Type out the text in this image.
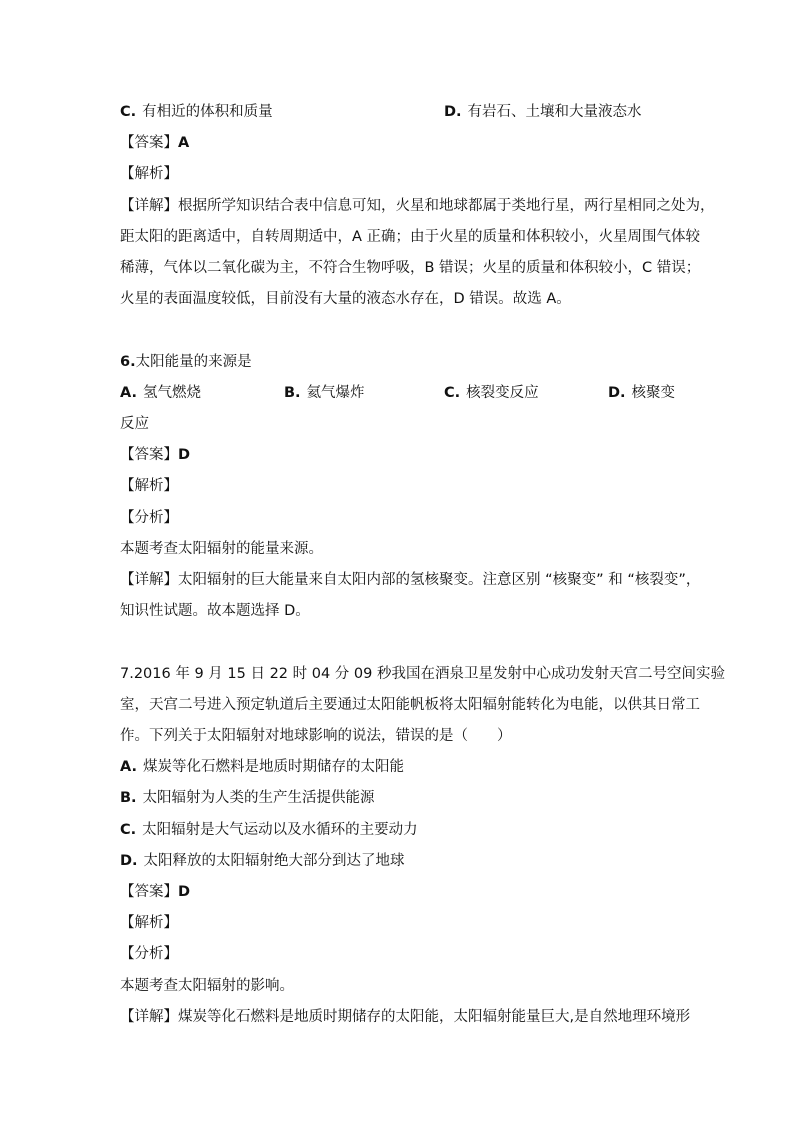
C. 有相近的体积和质量	D. 有岩石、土壤和大量液态水
【答案】A
【解析】
【详解】根据所学知识结合表中信息可知，火星和地球都属于类地行星，两行星相同之处为，
距太阳的距离适中，自转周期适中，A 正确；由于火星的质量和体积较小，火星周围气体较
稀薄，气体以二氧化碳为主，不符合生物呼吸，B 错误；火星的质量和体积较小，C 错误；
火星的表面温度较低，目前没有大量的液态水存在，D 错误。故选 A。
6.太阳能量的来源是
A. 氢气燃烧	B. 氦气爆炸	C. 核裂变反应	D. 核聚变
反应
【答案】D
【解析】
【分析】
本题考查太阳辐射的能量来源。
【详解】太阳辐射的巨大能量来自太阳内部的氢核聚变。注意区别 “核聚变” 和 “核裂变”，
知识性试题。故本题选择 D。
7.2016 年 9 月 15 日 22 时 04 分 09 秒我国在酒泉卫星发射中心成功发射天宫二号空间实验
室，天宫二号进入预定轨道后主要通过太阳能帆板将太阳辐射能转化为电能，以供其日常工
作。下列关于太阳辐射对地球影响的说法，错误的是（　　）
A. 煤炭等化石燃料是地质时期储存的太阳能
B. 太阳辐射为人类的生产生活提供能源
C. 太阳辐射是大气运动以及水循环的主要动力
D. 太阳释放的太阳辐射绝大部分到达了地球
【答案】D
【解析】
【分析】
本题考查太阳辐射的影响。
【详解】煤炭等化石燃料是地质时期储存的太阳能，太阳辐射能量巨大,是自然地理环境形
